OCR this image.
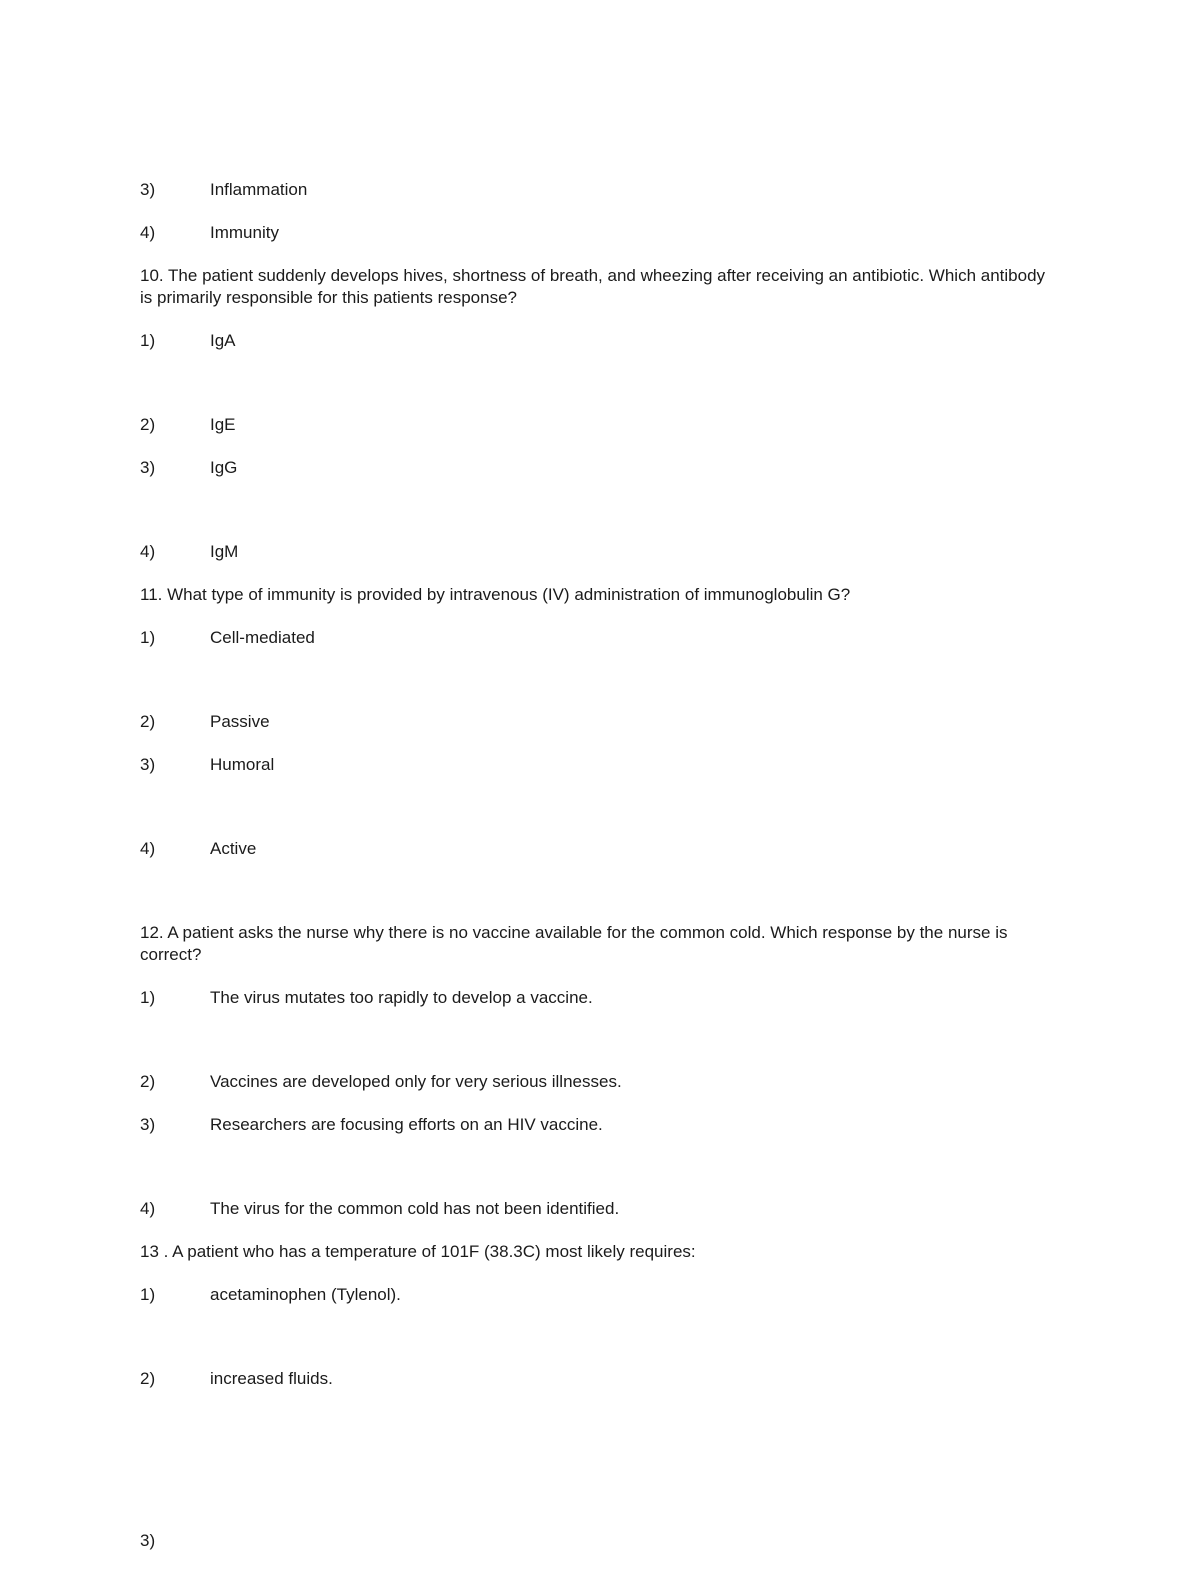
3)	Inflammation
4)	Immunity
10. The patient suddenly develops hives, shortness of breath, and wheezing after receiving an antibiotic. Which antibody is primarily responsible for this patients response?
1)	IgA
2)	IgE
3)	IgG
4)	IgM
11. What type of immunity is provided by intravenous (IV) administration of immunoglobulin G?
1)	Cell-mediated
2)	Passive
3)	Humoral
4)	Active
12. A patient asks the nurse why there is no vaccine available for the common cold. Which response by the nurse is correct?
1)	The virus mutates too rapidly to develop a vaccine.
2)	Vaccines are developed only for very serious illnesses.
3)	Researchers are focusing efforts on an HIV vaccine.
4)	The virus for the common cold has not been identified.
13 . A patient who has a temperature of 101F (38.3C) most likely requires:
1)	acetaminophen (Tylenol).
2)	increased fluids.
3)
